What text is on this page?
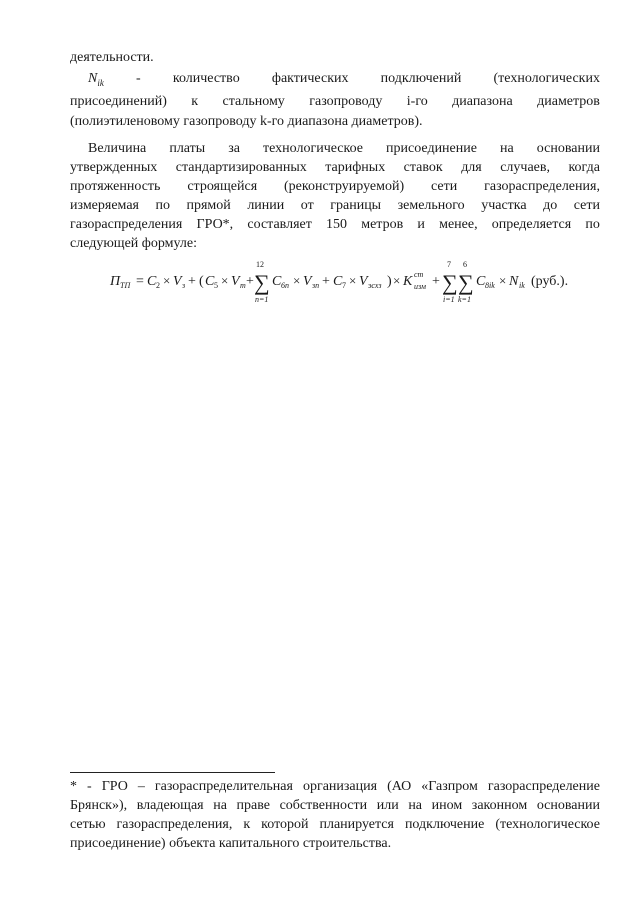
деятельности.
$N_{ik}$ - количество фактических подключений (технологических
присоединений) к стальному газопроводу i-го диапазона диаметров
(полиэтиленовому газопроводу k-го диапазона диаметров).
Величина платы за технологическое присоединение на основании
утвержденных стандартизированных тарифных ставок для случаев, когда
протяженность строящейся (реконструируемой) сети газораспределения,
измеряемая по прямой линии от границы земельного участка до сети
газораспределения ГРО*, составляет 150 метров и менее, определяется по
следующей формуле:
П ТП = C 2 × V з + ( C 5 × V т +
12
∑
n=1
C 6n × V зn + C 7 × V эсхз ) × K ст
изм +
7
∑
i=1
6
∑
k=1
C 8ik × N ik (руб.).
* - ГРО – газораспределительная организация (АО «Газпром газораспределение
Брянск»), владеющая на праве собственности или на ином законном основании
сетью газораспределения, к которой планируется подключение (технологическое
присоединение) объекта капитального строительства.
